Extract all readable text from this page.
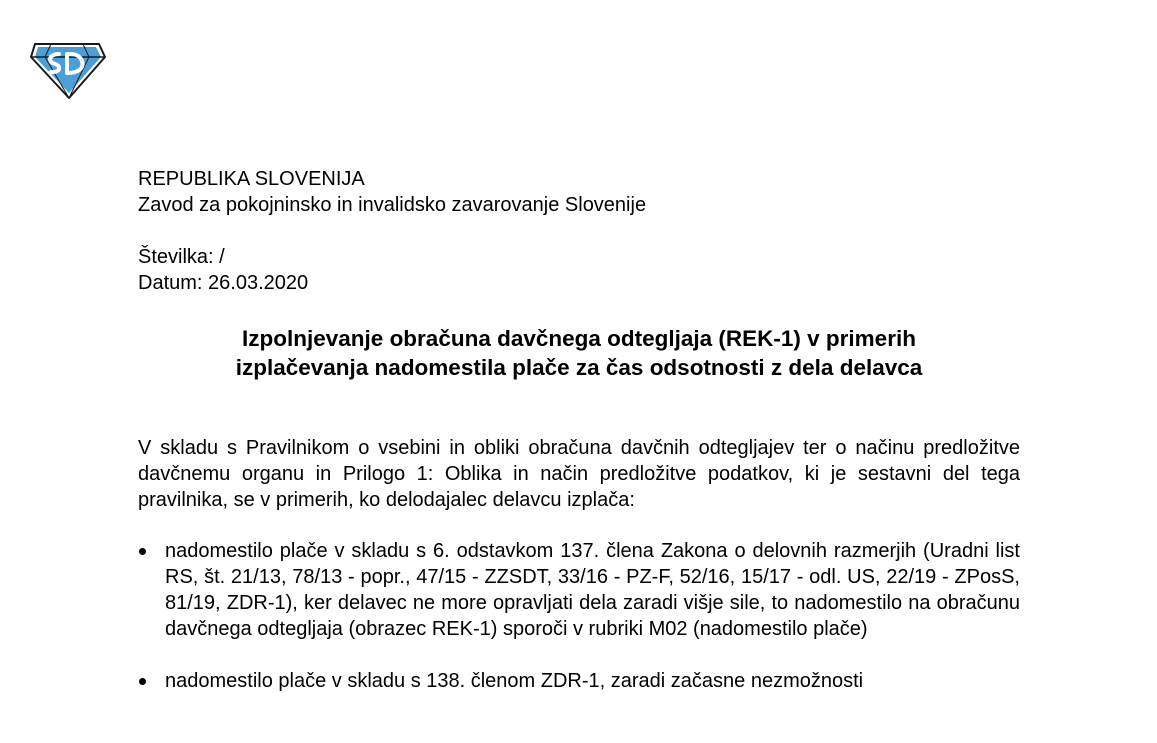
REPUBLIKA SLOVENIJA

Zavod za pokojninsko in invalidsko zavarovanje Slovenije

Številka: /

Datum: 26.03.2020

Izpolnjevanje obračuna davčnega odtegljaja (REK-1) v primerih
izplačevanja nadomestila plače za čas odsotnosti z dela delavca

V skladu s Pravilnikom o vsebini in obliki obračuna davčnih odtegljajev ter o načinu predložitve davčnemu organu in Prilogo 1: Oblika in način predložitve podatkov, ki je sestavni del tega pravilnika, se v primerih, ko delodajalec delavcu izplača:

nadomestilo plače v skladu s 6. odstavkom 137. člena Zakona o delovnih razmerjih (Uradni list RS, št. 21/13, 78/13 - popr., 47/15 - ZZSDT, 33/16 - PZ-F, 52/16, 15/17 - odl. US, 22/19 - ZPosS, 81/19, ZDR-1), ker delavec ne more opravljati dela zaradi višje sile, to nadomestilo na obračunu davčnega odtegljaja (obrazec REK-1) sporoči v rubriki M02 (nadomestilo plače)
nadomestilo plače v skladu s 138. členom ZDR-1, zaradi začasne nezmožnosti
